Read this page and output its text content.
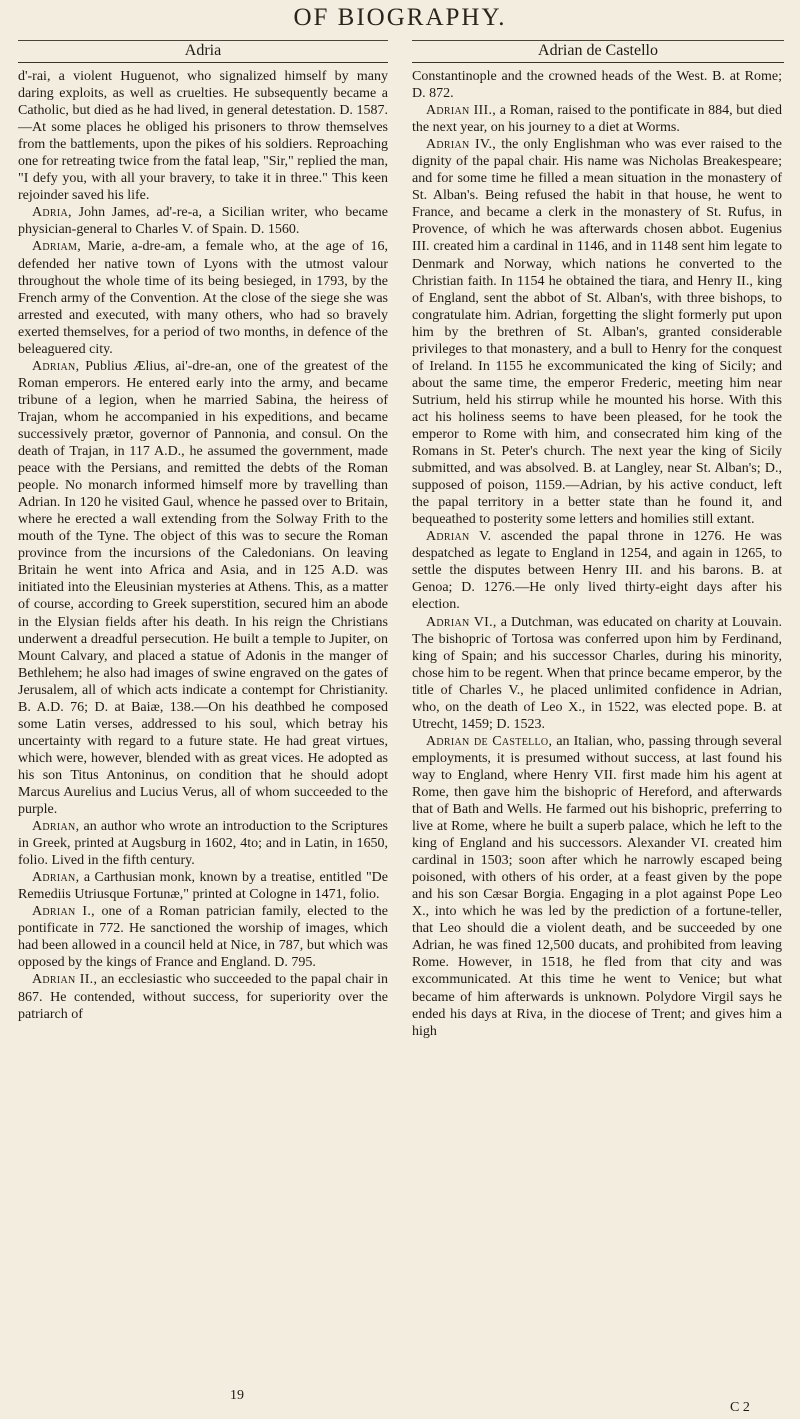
OF BIOGRAPHY.
Adria	Adrian de Castello

d'-rai, a violent Huguenot, who signalized himself by many daring exploits, as well as cruelties. He subsequently became a Catholic, but died as he had lived, in general detestation. D. 1587.—At some places he obliged his prisoners to throw themselves from the battlements, upon the pikes of his soldiers. Reproaching one for retreating twice from the fatal leap, "Sir," replied the man, "I defy you, with all your bravery, to take it in three." This keen rejoinder saved his life.

Adria, John James, ad'-re-a, a Sicilian writer, who became physician-general to Charles V. of Spain. D. 1560.

Adriam, Marie, a-dre-am, a female who, at the age of 16, defended her native town of Lyons with the utmost valour throughout the whole time of its being besieged, in 1793, by the French army of the Convention. At the close of the siege she was arrested and executed, with many others, who had so bravely exerted themselves, for a period of two months, in defence of the beleaguered city.

Adrian, Publius Ælius, ai'-dre-an, one of the greatest of the Roman emperors. He entered early into the army, and became tribune of a legion, when he married Sabina, the heiress of Trajan, whom he accompanied in his expeditions, and became successively prætor, governor of Pannonia, and consul. On the death of Trajan, in 117 A.D., he assumed the government, made peace with the Persians, and remitted the debts of the Roman people. No monarch informed himself more by travelling than Adrian. In 120 he visited Gaul, whence he passed over to Britain, where he erected a wall extending from the Solway Frith to the mouth of the Tyne. The object of this was to secure the Roman province from the incursions of the Caledonians. On leaving Britain he went into Africa and Asia, and in 125 A.D. was initiated into the Eleusinian mysteries at Athens. This, as a matter of course, according to Greek superstition, secured him an abode in the Elysian fields after his death. In his reign the Christians underwent a dreadful persecution. He built a temple to Jupiter, on Mount Calvary, and placed a statue of Adonis in the manger of Bethlehem; he also had images of swine engraved on the gates of Jerusalem, all of which acts indicate a contempt for Christianity. B. A.D. 76; D. at Baiæ, 138.—On his deathbed he composed some Latin verses, addressed to his soul, which betray his uncertainty with regard to a future state. He had great virtues, which were, however, blended with as great vices. He adopted as his son Titus Antoninus, on condition that he should adopt Marcus Aurelius and Lucius Verus, all of whom succeeded to the purple.

Adrian, an author who wrote an introduction to the Scriptures in Greek, printed at Augsburg in 1602, 4to; and in Latin, in 1650, folio. Lived in the fifth century.

Adrian, a Carthusian monk, known by a treatise, entitled "De Remediis Utriusque Fortunæ," printed at Cologne in 1471, folio.

Adrian I., one of a Roman patrician family, elected to the pontificate in 772. He sanctioned the worship of images, which had been allowed in a council held at Nice, in 787, but which was opposed by the kings of France and England. D. 795.

Adrian II., an ecclesiastic who succeeded to the papal chair in 867. He contended, without success, for superiority over the patriarch of

Constantinople and the crowned heads of the West. B. at Rome; D. 872.

Adrian III., a Roman, raised to the pontificate in 884, but died the next year, on his journey to a diet at Worms.

Adrian IV., the only Englishman who was ever raised to the dignity of the papal chair. His name was Nicholas Breakespeare; and for some time he filled a mean situation in the monastery of St. Alban's. Being refused the habit in that house, he went to France, and became a clerk in the monastery of St. Rufus, in Provence, of which he was afterwards chosen abbot. Eugenius III. created him a cardinal in 1146, and in 1148 sent him legate to Denmark and Norway, which nations he converted to the Christian faith. In 1154 he obtained the tiara, and Henry II., king of England, sent the abbot of St. Alban's, with three bishops, to congratulate him. Adrian, forgetting the slight formerly put upon him by the brethren of St. Alban's, granted considerable privileges to that monastery, and a bull to Henry for the conquest of Ireland. In 1155 he excommunicated the king of Sicily; and about the same time, the emperor Frederic, meeting him near Sutrium, held his stirrup while he mounted his horse. With this act his holiness seems to have been pleased, for he took the emperor to Rome with him, and consecrated him king of the Romans in St. Peter's church. The next year the king of Sicily submitted, and was absolved. B. at Langley, near St. Alban's; D., supposed of poison, 1159.—Adrian, by his active conduct, left the papal territory in a better state than he found it, and bequeathed to posterity some letters and homilies still extant.

Adrian V. ascended the papal throne in 1276. He was despatched as legate to England in 1254, and again in 1265, to settle the disputes between Henry III. and his barons. B. at Genoa; D. 1276.—He only lived thirty-eight days after his election.

Adrian VI., a Dutchman, was educated on charity at Louvain. The bishopric of Tortosa was conferred upon him by Ferdinand, king of Spain; and his successor Charles, during his minority, chose him to be regent. When that prince became emperor, by the title of Charles V., he placed unlimited confidence in Adrian, who, on the death of Leo X., in 1522, was elected pope. B. at Utrecht, 1459; D. 1523.

Adrian de Castello, an Italian, who, passing through several employments, it is presumed without success, at last found his way to England, where Henry VII. first made him his agent at Rome, then gave him the bishopric of Hereford, and afterwards that of Bath and Wells. He farmed out his bishopric, preferring to live at Rome, where he built a superb palace, which he left to the king of England and his successors. Alexander VI. created him cardinal in 1503; soon after which he narrowly escaped being poisoned, with others of his order, at a feast given by the pope and his son Cæsar Borgia. Engaging in a plot against Pope Leo X., into which he was led by the prediction of a fortune-teller, that Leo should die a violent death, and be succeeded by one Adrian, he was fined 12,500 ducats, and prohibited from leaving Rome. However, in 1518, he fled from that city and was excommunicated. At this time he went to Venice; but what became of him afterwards is unknown. Polydore Virgil says he ended his days at Riva, in the diocese of Trent; and gives him a high

19
C 2
